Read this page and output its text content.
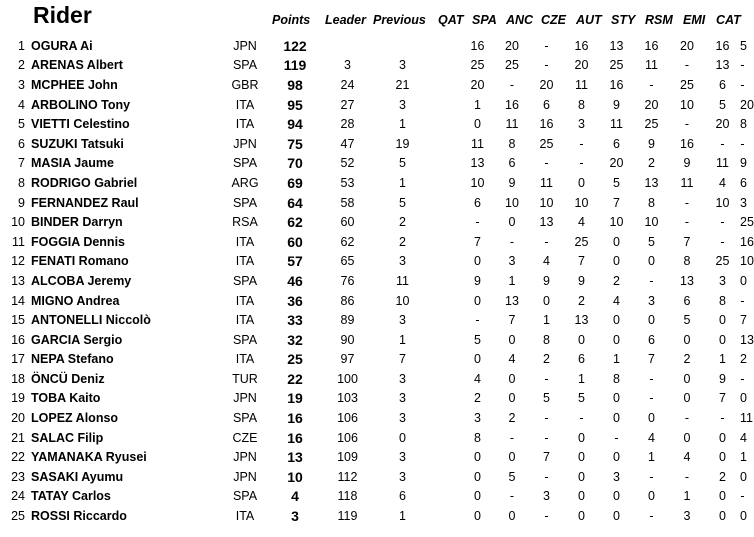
Rider	Points Leader Previous QAT SPA ANC CZE AUT STY RSM EMI CAT
1	OGURA Ai	JPN	122				16	20	-	16	13	16	20	16	5
2	ARENAS Albert	SPA	119	3	3		25	25	-	20	25	11	-	13	-
3	MCPHEE John	GBR	98	24	21		20	-	20	11	16	-	25	6	-
4	ARBOLINO Tony	ITA	95	27	3		1	16	6	8	9	20	10	5	20
5	VIETTI Celestino	ITA	94	28	1		0	11	16	3	11	25	-	20	8
6	SUZUKI Tatsuki	JPN	75	47	19		11	8	25	-	6	9	16	-	-
7	MASIA Jaume	SPA	70	52	5		13	6	-	-	20	2	9	11	9
8	RODRIGO Gabriel	ARG	69	53	1		10	9	11	0	5	13	11	4	6
9	FERNANDEZ Raul	SPA	64	58	5		6	10	10	10	7	8	-	10	3
10	BINDER Darryn	RSA	62	60	2		-	0	13	4	10	10	-	-	25
11	FOGGIA Dennis	ITA	60	62	2		7	-	-	25	0	5	7	-	16
12	FENATI Romano	ITA	57	65	3		0	3	4	7	0	0	8	25	10
13	ALCOBA Jeremy	SPA	46	76	11		9	1	9	9	2	-	13	3	0
14	MIGNO Andrea	ITA	36	86	10		0	13	0	2	4	3	6	8	-
15	ANTONELLI Niccolò	ITA	33	89	3		-	7	1	13	0	0	5	0	7
16	GARCIA Sergio	SPA	32	90	1		5	0	8	0	0	6	0	0	13
17	NEPA Stefano	ITA	25	97	7		0	4	2	6	1	7	2	1	2
18	ÖNCÜ Deniz	TUR	22	100	3		4	0	-	1	8	-	0	9	-
19	TOBA Kaito	JPN	19	103	3		2	0	5	5	0	-	0	7	0
20	LOPEZ Alonso	SPA	16	106	3		3	2	-	-	0	0	-	-	11
21	SALAC Filip	CZE	16	106	0		8	-	-	0	-	4	0	0	4
22	YAMANAKA Ryusei	JPN	13	109	3		0	0	7	0	0	1	4	0	1
23	SASAKI Ayumu	JPN	10	112	3		0	5	-	0	3	-	-	2	0
24	TATAY Carlos	SPA	4	118	6		0	-	3	0	0	0	1	0	-
25	ROSSI Riccardo	ITA	3	119	1		0	0	-	0	0	-	3	0	0
